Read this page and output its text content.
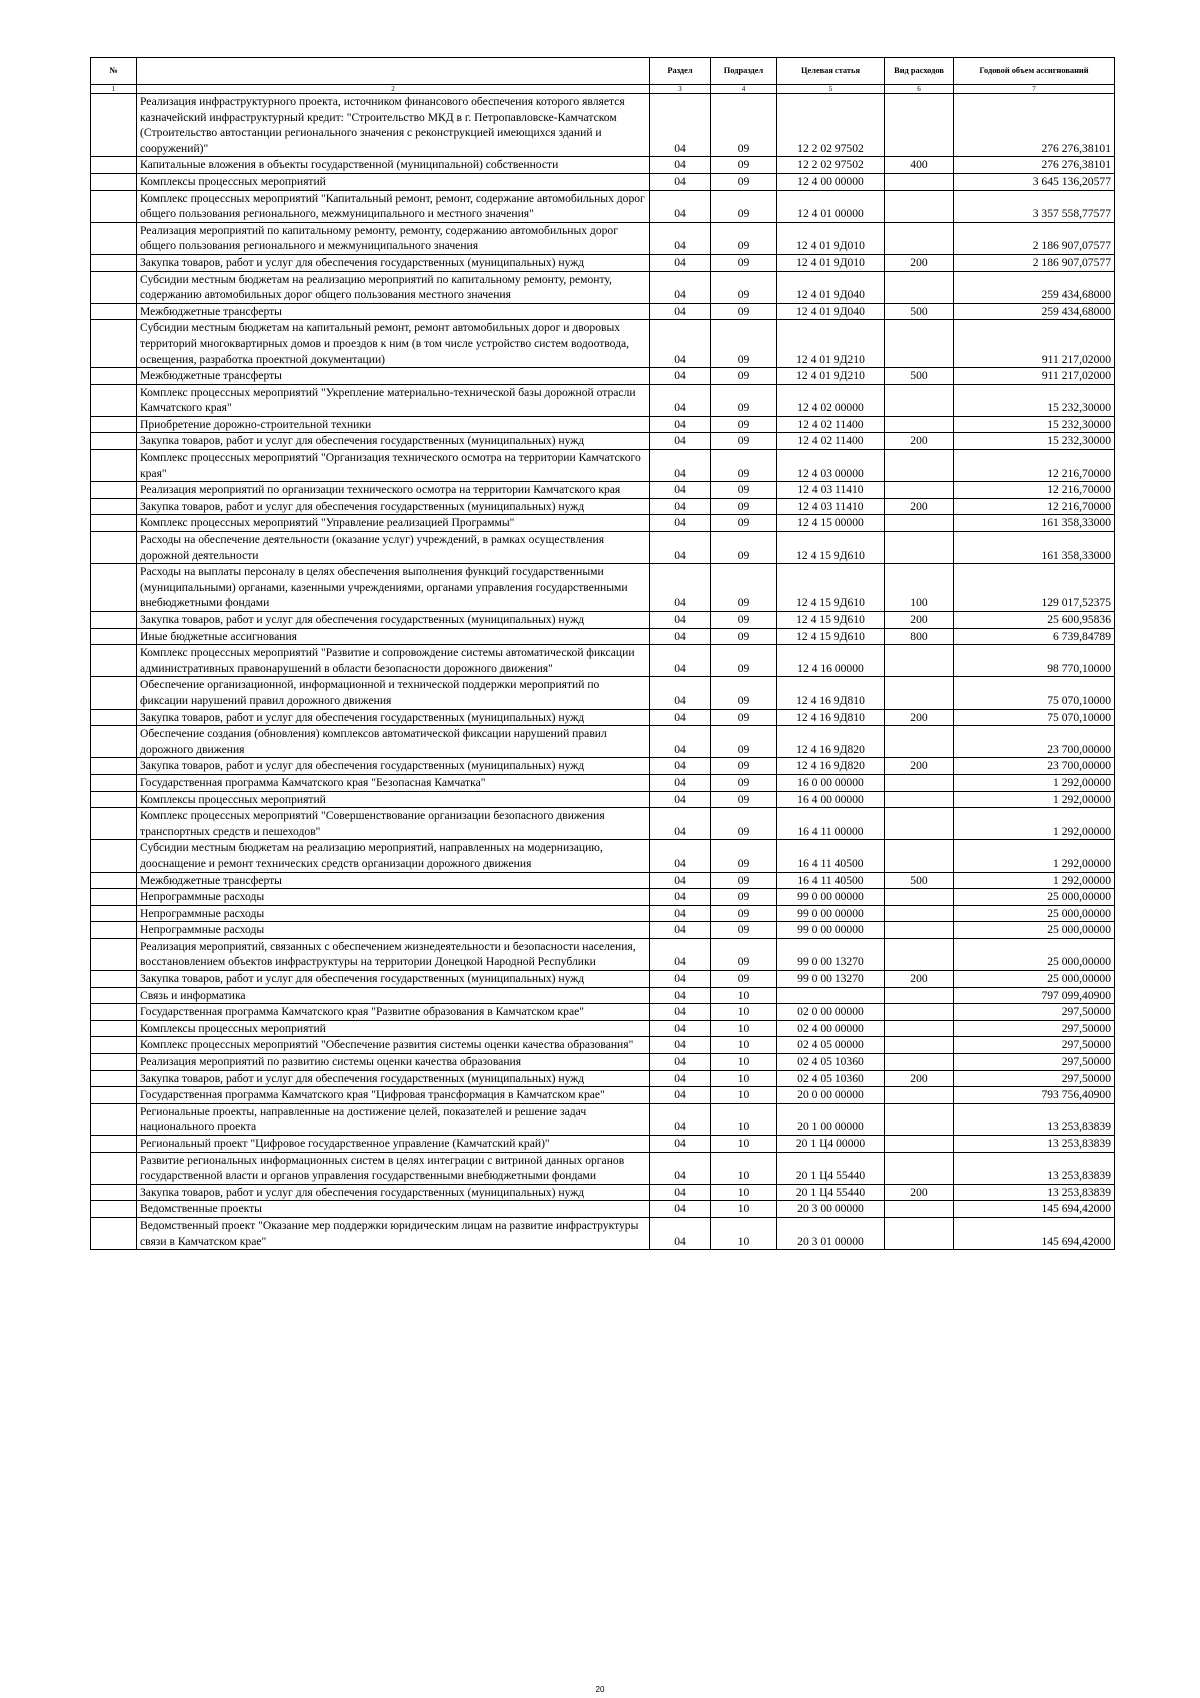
№		Раздел	Подраздел	Целевая статья	Вид расходов	Годовой объем ассигнований
1	2	3	4	5	6	7
	Реализация инфраструктурного проекта, источником финансового обеспечения которого является казначейский инфраструктурный кредит: "Строительство МКД в г. Петропавловске-Камчатском (Строительство автостанции регионального значения с реконструкцией имеющихся зданий и сооружений)"	04	09	12 2 02 97502		276 276,38101
	Капитальные вложения в объекты государственной (муниципальной) собственности	04	09	12 2 02 97502	400	276 276,38101
	Комплексы процессных мероприятий	04	09	12 4 00 00000		3 645 136,20577
	Комплекс процессных мероприятий "Капитальный ремонт, ремонт, содержание автомобильных дорог общего пользования регионального, межмуниципального и местного значения"	04	09	12 4 01 00000		3 357 558,77577
	Реализация мероприятий по капитальному ремонту, ремонту, содержанию автомобильных дорог общего пользования регионального и межмуниципального значения	04	09	12 4 01 9Д010		2 186 907,07577
	Закупка товаров, работ и услуг для обеспечения государственных (муниципальных) нужд	04	09	12 4 01 9Д010	200	2 186 907,07577
	Субсидии местным бюджетам на реализацию мероприятий по капитальному ремонту, ремонту, содержанию автомобильных дорог общего пользования местного значения	04	09	12 4 01 9Д040		259 434,68000
	Межбюджетные трансферты	04	09	12 4 01 9Д040	500	259 434,68000
	Субсидии местным бюджетам на капитальный ремонт, ремонт автомобильных дорог и дворовых территорий многоквартирных домов и проездов к ним (в том числе устройство систем водоотвода, освещения, разработка проектной документации)	04	09	12 4 01 9Д210		911 217,02000
	Межбюджетные трансферты	04	09	12 4 01 9Д210	500	911 217,02000
	Комплекс процессных мероприятий "Укрепление материально-технической базы дорожной отрасли Камчатского края"	04	09	12 4 02 00000		15 232,30000
	Приобретение дорожно-строительной техники	04	09	12 4 02 11400		15 232,30000
	Закупка товаров, работ и услуг для обеспечения государственных (муниципальных) нужд	04	09	12 4 02 11400	200	15 232,30000
	Комплекс процессных мероприятий "Организация технического осмотра на территории Камчатского края"	04	09	12 4 03 00000		12 216,70000
	Реализация мероприятий по организации технического осмотра на территории Камчатского края	04	09	12 4 03 11410		12 216,70000
	Закупка товаров, работ и услуг для обеспечения государственных (муниципальных) нужд	04	09	12 4 03 11410	200	12 216,70000
	Комплекс процессных мероприятий "Управление реализацией Программы"	04	09	12 4 15 00000		161 358,33000
	Расходы на обеспечение деятельности (оказание услуг) учреждений, в рамках осуществления дорожной деятельности	04	09	12 4 15 9Д610		161 358,33000
	Расходы на выплаты персоналу в целях обеспечения выполнения функций государственными (муниципальными) органами, казенными учреждениями, органами управления государственными внебюджетными фондами	04	09	12 4 15 9Д610	100	129 017,52375
	Закупка товаров, работ и услуг для обеспечения государственных (муниципальных) нужд	04	09	12 4 15 9Д610	200	25 600,95836
	Иные бюджетные ассигнования	04	09	12 4 15 9Д610	800	6 739,84789
	Комплекс процессных мероприятий "Развитие и сопровождение системы автоматической фиксации административных правонарушений в области безопасности дорожного движения"	04	09	12 4 16 00000		98 770,10000
	Обеспечение организационной, информационной и технической поддержки мероприятий по фиксации нарушений правил дорожного движения	04	09	12 4 16 9Д810		75 070,10000
	Закупка товаров, работ и услуг для обеспечения государственных (муниципальных) нужд	04	09	12 4 16 9Д810	200	75 070,10000
	Обеспечение создания (обновления) комплексов автоматической фиксации нарушений правил дорожного движения	04	09	12 4 16 9Д820		23 700,00000
	Закупка товаров, работ и услуг для обеспечения государственных (муниципальных) нужд	04	09	12 4 16 9Д820	200	23 700,00000
	Государственная программа Камчатского края "Безопасная Камчатка"	04	09	16 0 00 00000		1 292,00000
	Комплексы процессных мероприятий	04	09	16 4 00 00000		1 292,00000
	Комплекс процессных мероприятий "Совершенствование организации безопасного движения транспортных средств и пешеходов"	04	09	16 4 11 00000		1 292,00000
	Субсидии местным бюджетам на реализацию мероприятий, направленных на модернизацию, дооснащение и ремонт технических средств организации дорожного движения	04	09	16 4 11 40500		1 292,00000
	Межбюджетные трансферты	04	09	16 4 11 40500	500	1 292,00000
	Непрограммные расходы	04	09	99 0 00 00000		25 000,00000
	Непрограммные расходы	04	09	99 0 00 00000		25 000,00000
	Непрограммные расходы	04	09	99 0 00 00000		25 000,00000
	Реализация мероприятий, связанных с обеспечением жизнедеятельности и безопасности населения, восстановлением объектов инфраструктуры на территории Донецкой Народной Республики	04	09	99 0 00 13270		25 000,00000
	Закупка товаров, работ и услуг для обеспечения государственных (муниципальных) нужд	04	09	99 0 00 13270	200	25 000,00000
	Связь и информатика	04	10			797 099,40900
	Государственная программа Камчатского края "Развитие образования в Камчатском крае"	04	10	02 0 00 00000		297,50000
	Комплексы процессных мероприятий	04	10	02 4 00 00000		297,50000
	Комплекс процессных мероприятий "Обеспечение развития системы оценки качества образования"	04	10	02 4 05 00000		297,50000
	Реализация мероприятий по развитию системы оценки качества образования	04	10	02 4 05 10360		297,50000
	Закупка товаров, работ и услуг для обеспечения государственных (муниципальных) нужд	04	10	02 4 05 10360	200	297,50000
	Государственная программа Камчатского края "Цифровая трансформация в Камчатском крае"	04	10	20 0 00 00000		793 756,40900
	Региональные проекты, направленные на достижение целей, показателей и решение задач национального проекта	04	10	20 1 00 00000		13 253,83839
	Региональный проект "Цифровое государственное управление (Камчатский край)"	04	10	20 1 Ц4 00000		13 253,83839
	Развитие региональных информационных систем в целях интеграции с витриной данных органов государственной власти и органов управления государственными внебюджетными фондами	04	10	20 1 Ц4 55440		13 253,83839
	Закупка товаров, работ и услуг для обеспечения государственных (муниципальных) нужд	04	10	20 1 Ц4 55440	200	13 253,83839
	Ведомственные проекты	04	10	20 3 00 00000		145 694,42000
	Ведомственный проект "Оказание мер поддержки юридическим лицам на развитие инфраструктуры связи в Камчатском крае"	04	10	20 3 01 00000		145 694,42000
20
